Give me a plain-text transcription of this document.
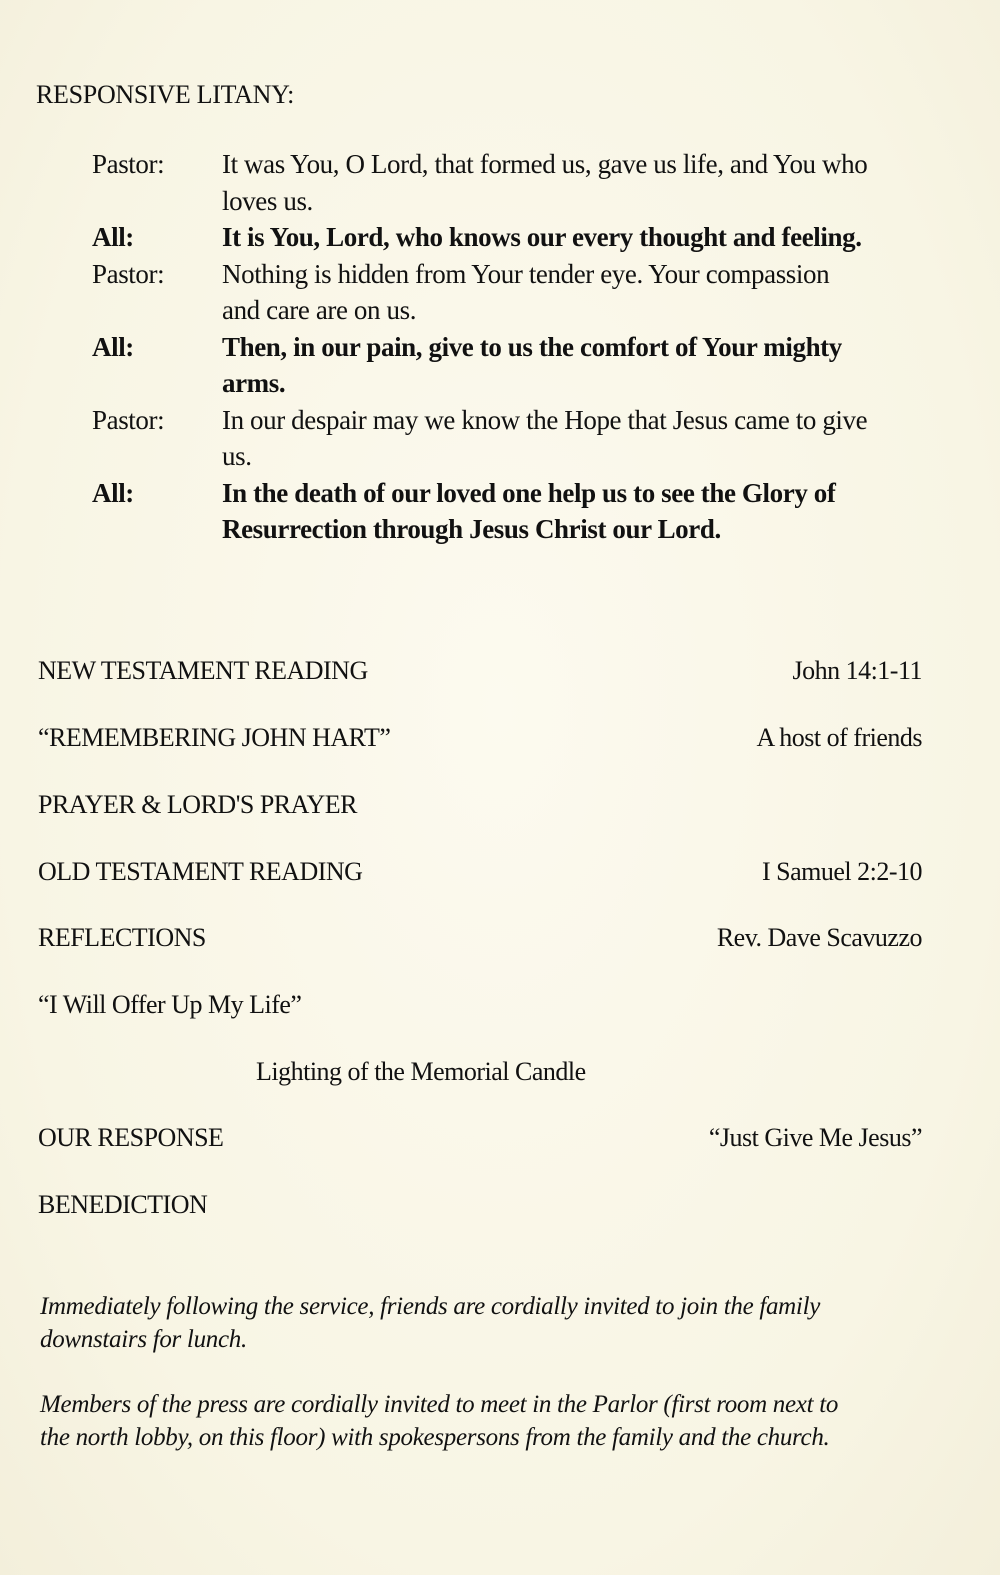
RESPONSIVE LITANY:
Pastor:	It was You, O Lord, that formed us, gave us life, and You who loves us.
All:	It is You, Lord, who knows our every thought and feeling.
Pastor:	Nothing is hidden from Your tender eye. Your compassion and care are on us.
All:	Then, in our pain, give to us the comfort of Your mighty arms.
Pastor:	In our despair may we know the Hope that Jesus came to give us.
All:	In the death of our loved one help us to see the Glory of Resurrection through Jesus Christ our Lord.
NEW TESTAMENT READING	John 14:1-11
“REMEMBERING JOHN HART”	A host of friends
PRAYER & LORD'S PRAYER
OLD TESTAMENT READING	I Samuel 2:2-10
REFLECTIONS	Rev. Dave Scavuzzo
“I Will Offer Up My Life”
Lighting of the Memorial Candle
OUR RESPONSE	“Just Give Me Jesus”
BENEDICTION
Immediately following the service, friends are cordially invited to join the family downstairs for lunch.
Members of the press are cordially invited to meet in the Parlor (first room next to the north lobby, on this floor) with spokespersons from the family and the church.
